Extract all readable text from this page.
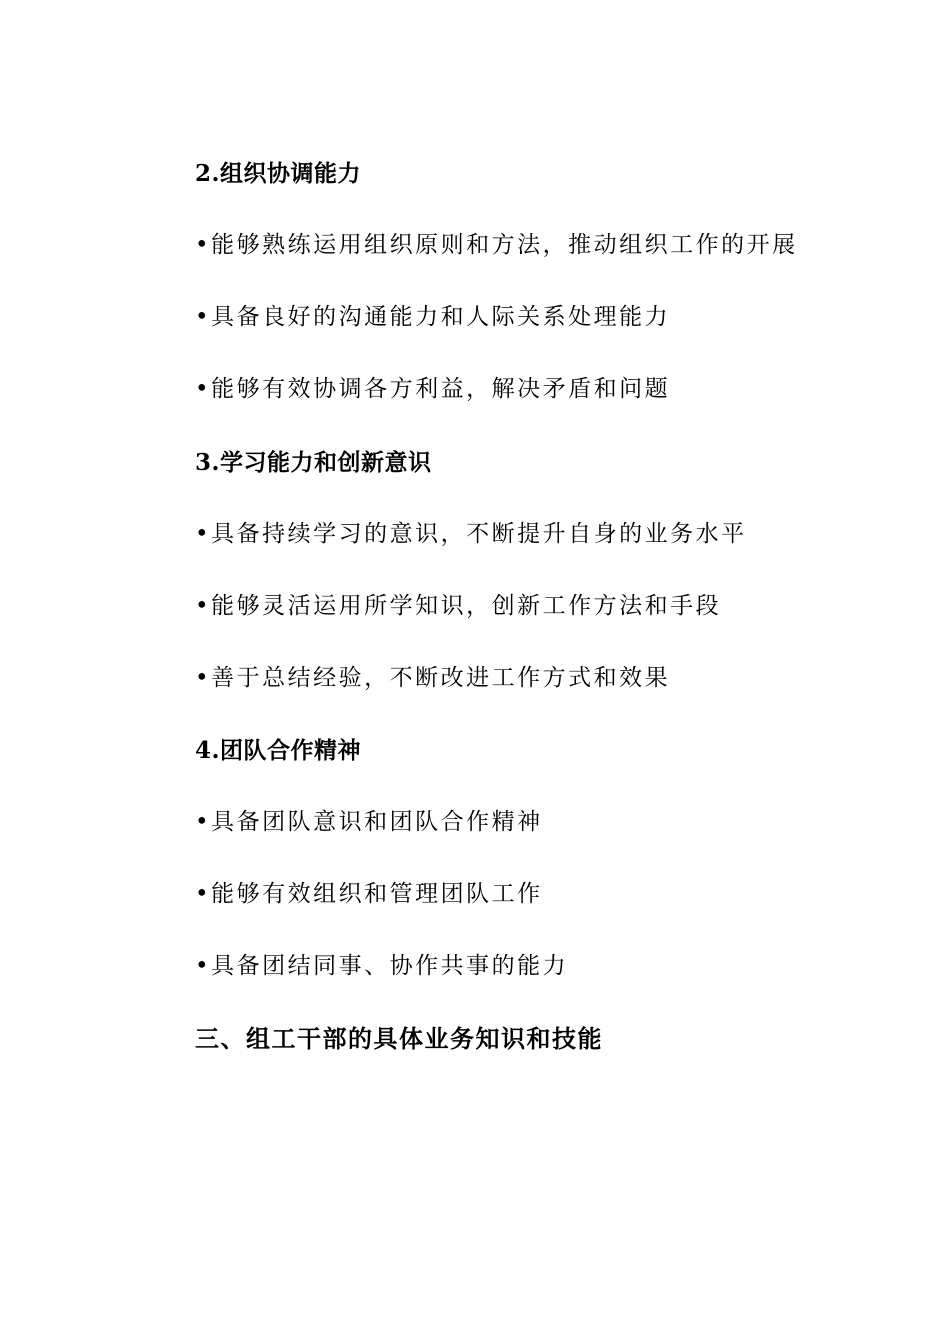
2.组织协调能力
•能够熟练运用组织原则和方法，推动组织工作的开展
•具备良好的沟通能力和人际关系处理能力
•能够有效协调各方利益，解决矛盾和问题
3.学习能力和创新意识
•具备持续学习的意识，不断提升自身的业务水平
•能够灵活运用所学知识，创新工作方法和手段
•善于总结经验，不断改进工作方式和效果
4.团队合作精神
•具备团队意识和团队合作精神
•能够有效组织和管理团队工作
•具备团结同事、协作共事的能力
三、组工干部的具体业务知识和技能
